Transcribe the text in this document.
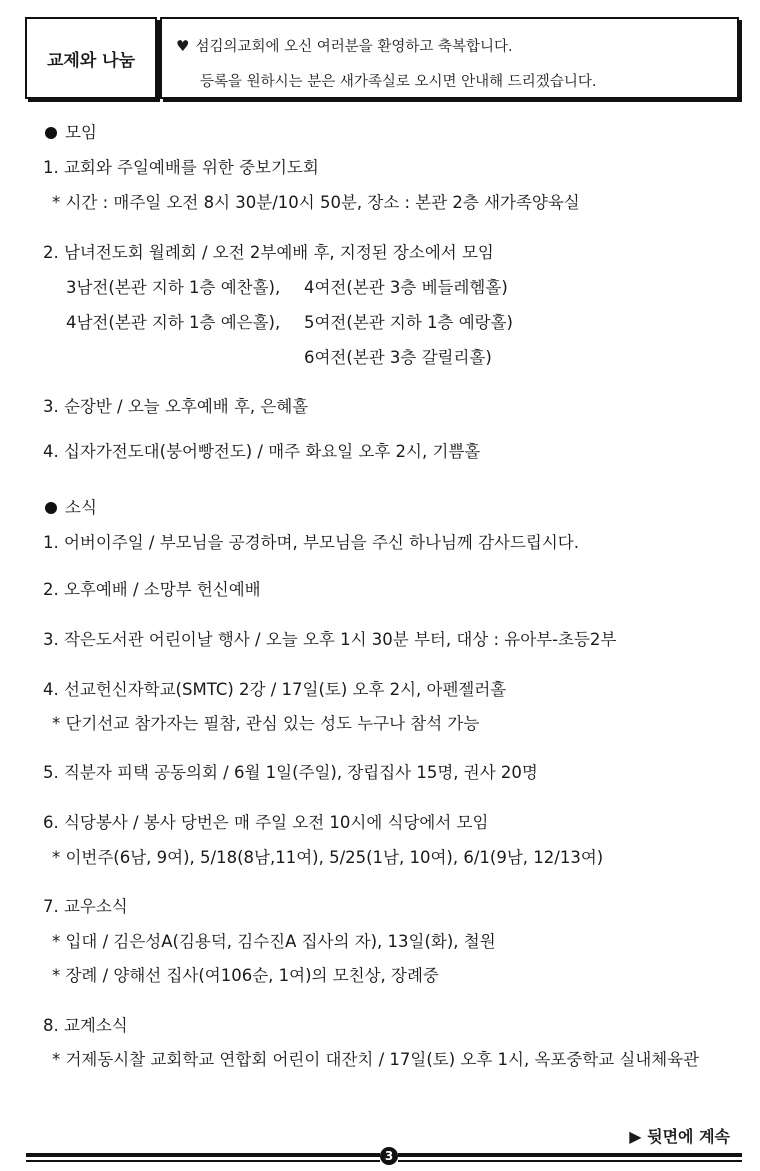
교제와 나눔
♥ 섬김의교회에 오신 여러분을 환영하고 축복합니다.
등록을 원하시는 분은 새가족실로 오시면 안내해 드리겠습니다.
모임
1. 교회와 주일예배를 위한 중보기도회
* 시간 : 매주일 오전 8시 30분/10시 50분, 장소 : 본관 2층 새가족양육실
2. 남녀전도회 월례회 / 오전 2부예배 후, 지정된 장소에서 모임
3남전(본관 지하 1층 예찬홀), 4여전(본관 3층 베들레헴홀)
4남전(본관 지하 1층 예은홀), 5여전(본관 지하 1층 예랑홀)
6여전(본관 3층 갈릴리홀)
3. 순장반 / 오늘 오후예배 후, 은혜홀
4. 십자가전도대(붕어빵전도) / 매주 화요일 오후 2시, 기쁨홀
소식
1. 어버이주일 / 부모님을 공경하며, 부모님을 주신 하나님께 감사드립시다.
2. 오후예배 / 소망부 헌신예배
3. 작은도서관 어린이날 행사 / 오늘 오후 1시 30분 부터, 대상 : 유아부-초등2부
4. 선교헌신자학교(SMTC) 2강 / 17일(토) 오후 2시, 아펜젤러홀
* 단기선교 참가자는 필참, 관심 있는 성도 누구나 참석 가능
5. 직분자 피택 공동의회 / 6월 1일(주일), 장립집사 15명, 권사 20명
6. 식당봉사 / 봉사 당번은 매 주일 오전 10시에 식당에서 모임
* 이번주(6남, 9여), 5/18(8남,11여), 5/25(1남, 10여), 6/1(9남, 12/13여)
7. 교우소식
* 입대 / 김은성A(김용덕, 김수진A 집사의 자), 13일(화), 철원
* 장례 / 양해선 집사(여106순, 1여)의 모친상, 장례중
8. 교계소식
* 거제동시찰 교회학교 연합회 어린이 대잔치 / 17일(토) 오후 1시, 옥포중학교 실내체육관
▶ 뒷면에 계속
3
